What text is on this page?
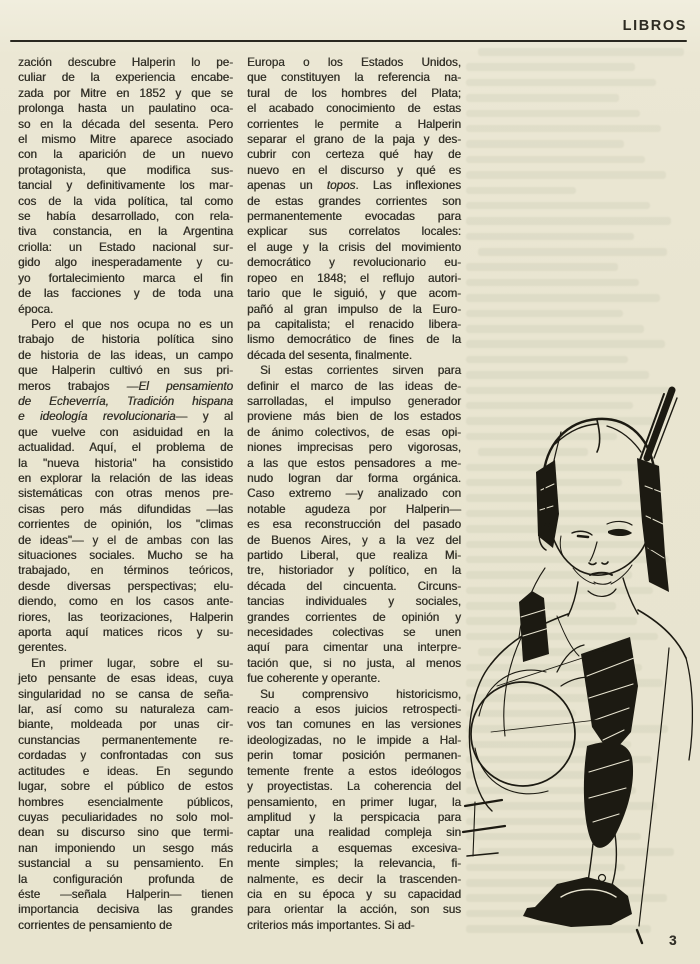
LIBROS
zación descubre Halperin lo pe-
culiar de la experiencia encabe-
zada por Mitre en 1852 y que se
prolonga hasta un paulatino oca-
so en la década del sesenta. Pero
el mismo Mitre aparece asociado
con la aparición de un nuevo
protagonista, que modifica sus-
tancial y definitivamente los mar-
cos de la vida política, tal como
se había desarrollado, con rela-
tiva constancia, en la Argentina
criolla: un Estado nacional sur-
gido algo inesperadamente y cu-
yo fortalecimiento marca el fin
de las facciones y de toda una
época.
Pero el que nos ocupa no es un
trabajo de historia política sino
de historia de las ideas, un campo
que Halperin cultivó en sus pri-
meros trabajos —El pensamiento
de Echeverría, Tradición hispana
e ideología revolucionaria— y al
que vuelve con asiduidad en la
actualidad. Aquí, el problema de
la "nueva historia" ha consistido
en explorar la relación de las ideas
sistemáticas con otras menos pre-
cisas pero más difundidas —las
corrientes de opinión, los "climas
de ideas"— y el de ambas con las
situaciones sociales. Mucho se ha
trabajado, en términos teóricos,
desde diversas perspectivas; elu-
diendo, como en los casos ante-
riores, las teorizaciones, Halperin
aporta aquí matices ricos y su-
gerentes.
En primer lugar, sobre el su-
jeto pensante de esas ideas, cuya
singularidad no se cansa de seña-
lar, así como su naturaleza cam-
biante, moldeada por unas cir-
cunstancias permanentemente re-
cordadas y confrontadas con sus
actitudes e ideas. En segundo
lugar, sobre el público de estos
hombres esencialmente públicos,
cuyas peculiaridades no solo mol-
dean su discurso sino que termi-
nan imponiendo un sesgo más
sustancial a su pensamiento. En
la configuración profunda de
éste —señala Halperin— tienen
importancia decisiva las grandes
corrientes de pensamiento de
Europa o los Estados Unidos,
que constituyen la referencia na-
tural de los hombres del Plata;
el acabado conocimiento de estas
corrientes le permite a Halperin
separar el grano de la paja y des-
cubrir con certeza qué hay de
nuevo en el discurso y qué es
apenas un topos. Las inflexiones
de estas grandes corrientes son
permanentemente evocadas para
explicar sus correlatos locales:
el auge y la crisis del movimiento
democrático y revolucionario eu-
ropeo en 1848; el reflujo autori-
tario que le siguió, y que acom-
pañó al gran impulso de la Euro-
pa capitalista; el renacido libera-
lismo democrático de fines de la
década del sesenta, finalmente.
Si estas corrientes sirven para
definir el marco de las ideas de-
sarrolladas, el impulso generador
proviene más bien de los estados
de ánimo colectivos, de esas opi-
niones imprecisas pero vigorosas,
a las que estos pensadores a me-
nudo logran dar forma orgánica.
Caso extremo —y analizado con
notable agudeza por Halperin—
es esa reconstrucción del pasado
de Buenos Aires, y a la vez del
partido Liberal, que realiza Mi-
tre, historiador y político, en la
década del cincuenta. Circuns-
tancias individuales y sociales,
grandes corrientes de opinión y
necesidades colectivas se unen
aquí para cimentar una interpre-
tación que, si no justa, al menos
fue coherente y operante.
Su comprensivo historicismo,
reacio a esos juicios retrospecti-
vos tan comunes en las versiones
ideologizadas, no le impide a Hal-
perin tomar posición permanen-
temente frente a estos ideólogos
y proyectistas. La coherencia del
pensamiento, en primer lugar, la
amplitud y la perspicacia para
captar una realidad compleja sin
reducirla a esquemas excesiva-
mente simples; la relevancia, fi-
nalmente, es decir la trascenden-
cia en su época y su capacidad
para orientar la acción, son sus
criterios más importantes. Si ad-
3
